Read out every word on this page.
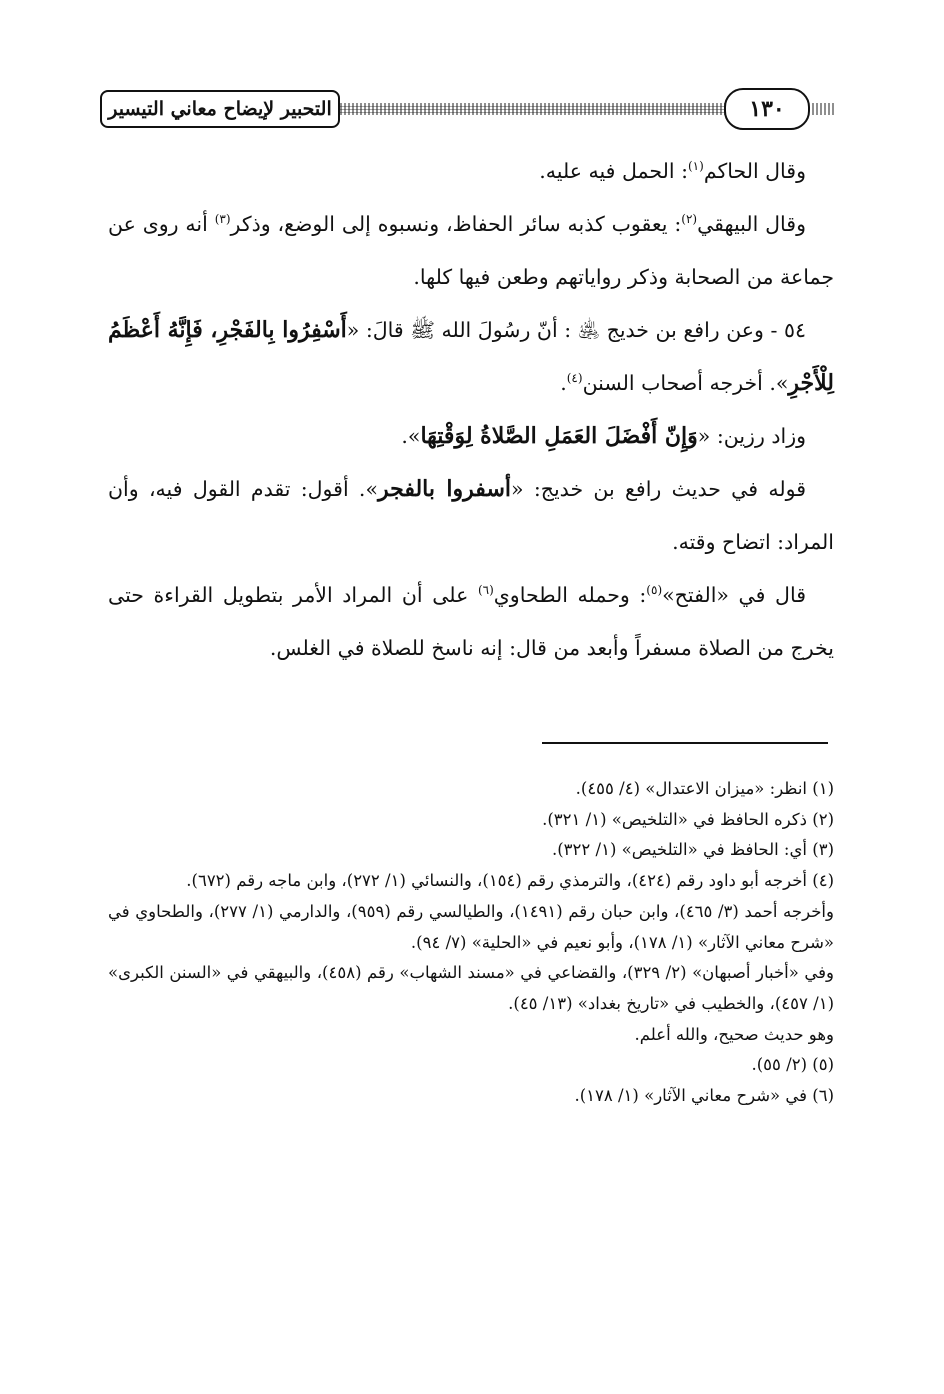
التحبير لإيضاح معاني التيسير	١٣٠

وقال الحاكم$^{(١)}$: الحمل فيه عليه.

وقال البيهقي$^{(٢)}$: يعقوب كذبه سائر الحفاظ، ونسبوه إلى الوضع، وذكر$^{(٣)}$ أنه روى عن جماعة من الصحابة وذكر رواياتهم وطعن فيها كلها.

٥٤ - وعن رافع بن خديج ﵁ : أنّ رسُولَ الله ﷺ قالَ: «أَسْفِرُوا بِالفَجْرِ، فَإِنَّهُ أَعْظَمُ لِلْأَجْرِ». أخرجه أصحاب السنن$^{(٤)}$.

وزاد رزين: «وَإِنّ أَفْضَلَ العَمَلِ الصَّلاةُ لِوَقْتِهَا».

قوله في حديث رافع بن خديج: «أسفروا بالفجر». أقول: تقدم القول فيه، وأن المراد: اتضاح وقته.

قال في «الفتح»$^{(٥)}$: وحمله الطحاوي$^{(٦)}$ على أن المراد الأمر بتطويل القراءة حتى يخرج من الصلاة مسفراً وأبعد من قال: إنه ناسخ للصلاة في الغلس.

(١) انظر: «ميزان الاعتدال» (٤/ ٤٥٥).

(٢) ذكره الحافظ في «التلخيص» (١/ ٣٢١).

(٣) أي: الحافظ في «التلخيص» (١/ ٣٢٢).

(٤) أخرجه أبو داود رقم (٤٢٤)، والترمذي رقم (١٥٤)، والنسائي (١/ ٢٧٢)، وابن ماجه رقم (٦٧٢).

وأخرجه أحمد (٣/ ٤٦٥)، وابن حبان رقم (١٤٩١)، والطيالسي رقم (٩٥٩)، والدارمي (١/ ٢٧٧)، والطحاوي في «شرح معاني الآثار» (١/ ١٧٨)، وأبو نعيم في «الحلية» (٧/ ٩٤).

وفي «أخبار أصبهان» (٢/ ٣٢٩)، والقضاعي في «مسند الشهاب» رقم (٤٥٨)، والبيهقي في «السنن الكبرى» (١/ ٤٥٧)، والخطيب في «تاريخ بغداد» (١٣/ ٤٥).

وهو حديث صحيح، والله أعلم.

(٥) (٢/ ٥٥).

(٦) في «شرح معاني الآثار» (١/ ١٧٨).
